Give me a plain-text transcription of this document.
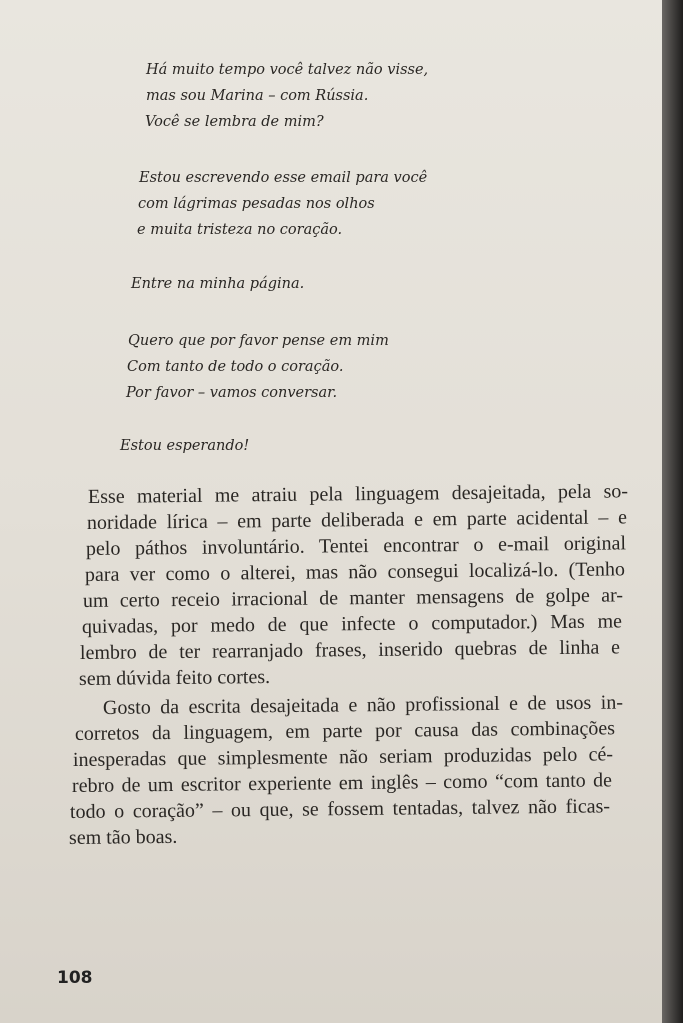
Há muito tempo você talvez não visse,
mas sou Marina – com Rússia.
Você se lembra de mim?
Estou escrevendo esse email para você
com lágrimas pesadas nos olhos
e muita tristeza no coração.
Entre na minha página.
Quero que por favor pense em mim
Com tanto de todo o coração.
Por favor – vamos conversar.
Estou esperando!
Esse material me atraiu pela linguagem desajeitada, pela so-
noridade lírica – em parte deliberada e em parte acidental – e
pelo páthos involuntário. Tentei encontrar o e-mail original
para ver como o alterei, mas não consegui localizá-lo. (Tenho
um certo receio irracional de manter mensagens de golpe ar-
quivadas, por medo de que infecte o computador.) Mas me
lembro de ter rearranjado frases, inserido quebras de linha e
sem dúvida feito cortes.
Gosto da escrita desajeitada e não profissional e de usos in-
corretos da linguagem, em parte por causa das combinações
inesperadas que simplesmente não seriam produzidas pelo cé-
rebro de um escritor experiente em inglês – como “com tanto de
todo o coração” – ou que, se fossem tentadas, talvez não ficas-
sem tão boas.
108
